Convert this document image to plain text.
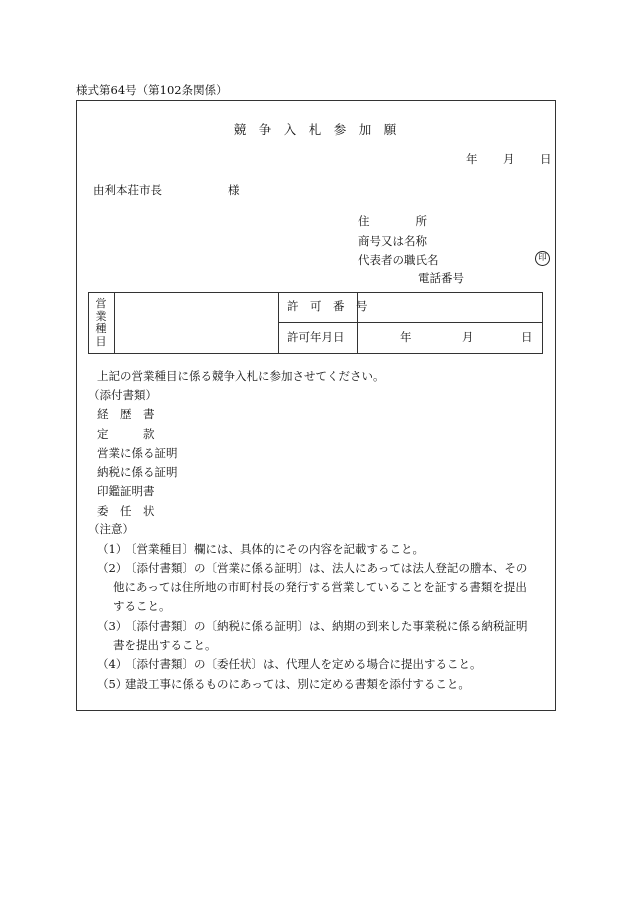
様式第64号（第102条関係）
競　争　入　札　参　加　願
年 月 日
由利本荘市長	様
住　　　　所
商号又は名称
代表者の職氏名	印
電話番号
営業種目
許　可　番　号
許可年月日	年	月	日
上記の営業種目に係る競争入札に参加させてください。
（添付書類）
経　歴　書
定　　　款
営業に係る証明
納税に係る証明
印鑑証明書
委　任　状
（注意）
（1）
〔営業種目〕欄には、具体的にその内容を記載すること。
（2）
〔添付書類〕の〔営業に係る証明〕は、法人にあっては法人登記の謄本、その
他にあっては住所地の市町村長の発行する営業していることを証する書類を提出
すること。
（3）
〔添付書類〕の〔納税に係る証明〕は、納期の到来した事業税に係る納税証明
書を提出すること。
（4）
〔添付書類〕の〔委任状〕は、代理人を定める場合に提出すること。
（5）
建設工事に係るものにあっては、別に定める書類を添付すること。
